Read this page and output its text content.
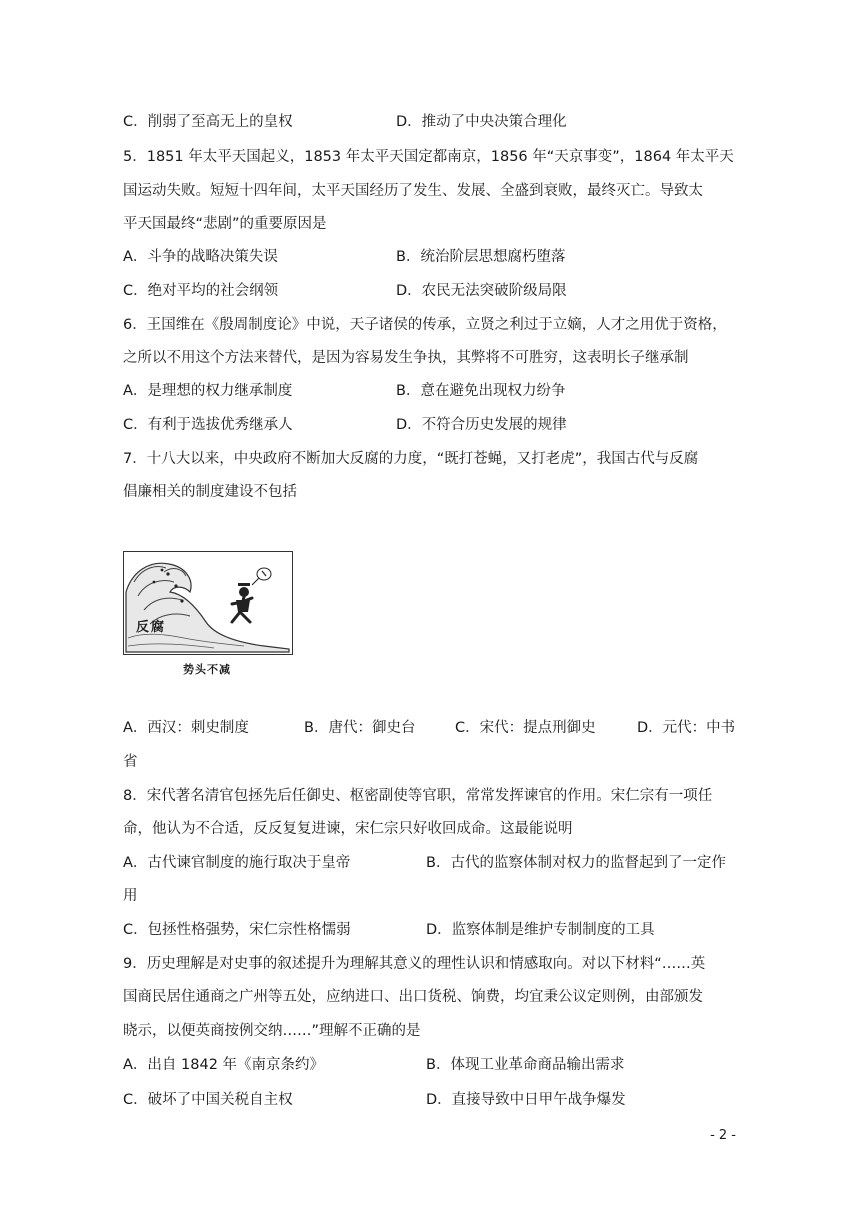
C．削弱了至高无上的皇权	D．推动了中央决策合理化
5．1851 年太平天国起义，1853 年太平天国定都南京，1856 年“天京事变”，1864 年太平天
国运动失败。短短十四年间，太平天国经历了发生、发展、全盛到衰败，最终灭亡。导致太
平天国最终“悲剧”的重要原因是
A．斗争的战略决策失误	B．统治阶层思想腐朽堕落
C．绝对平均的社会纲领	D．农民无法突破阶级局限
6．王国维在《殷周制度论》中说，天子诸侯的传承，立贤之利过于立嫡，人才之用优于资格，
之所以不用这个方法来替代，是因为容易发生争执，其弊将不可胜穷，这表明长子继承制
A．是理想的权力继承制度	B．意在避免出现权力纷争
C．有利于选拔优秀继承人	D．不符合历史发展的规律
7．十八大以来，中央政府不断加大反腐的力度，“既打苍蝇，又打老虎”，我国古代与反腐
倡廉相关的制度建设不包括
反腐
势头不减
A．西汉：刺史制度	B．唐代：御史台	C．宋代：提点刑御史	D．元代：中书
省
8．宋代著名清官包拯先后任御史、枢密副使等官职，常常发挥谏官的作用。宋仁宗有一项任
命，他认为不合适，反反复复进谏，宋仁宗只好收回成命。这最能说明
A．古代谏官制度的施行取决于皇帝	B．古代的监察体制对权力的监督起到了一定作
用
C．包拯性格强势，宋仁宗性格懦弱	D．监察体制是维护专制制度的工具
9．历史理解是对史事的叙述提升为理解其意义的理性认识和情感取向。对以下材料“……英
国商民居住通商之广州等五处，应纳进口、出口货税、饷费，均宜秉公议定则例，由部颁发
晓示，以便英商按例交纳……”理解不正确的是
A．出自 1842 年《南京条约》	B．体现工业革命商品输出需求
C．破坏了中国关税自主权	D．直接导致中日甲午战争爆发
- 2 -
